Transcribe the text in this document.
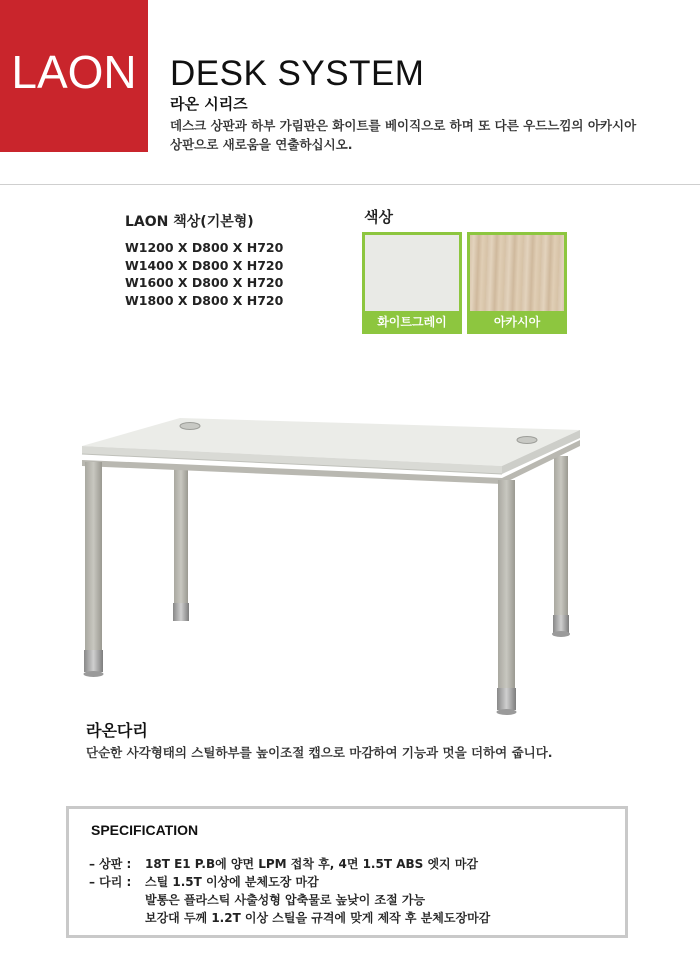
LAON DESK SYSTEM
라온 시리즈
데스크 상판과 하부 가림판은 화이트를 베이직으로 하며 또 다른 우드느낌의 아카시아
상판으로 새로움을 연출하십시오.
LAON 책상(기본형)
W1200 X D800 X H720
W1400 X D800 X H720
W1600 X D800 X H720
W1800 X D800 X H720
색상
화이트그레이	아카시아
라온다리
단순한 사각형태의 스틸하부를 높이조절 캡으로 마감하여 기능과 멋을 더하여 줍니다.
SPECIFICATION
– 상판 : 18T E1 P.B에 양면 LPM 접착 후, 4면 1.5T ABS 엣지 마감
– 다리 : 스틸 1.5T 이상에 분체도장 마감
발통은 플라스틱 사출성형 압축물로 높낮이 조절 가능
보강대 두께 1.2T 이상 스틸을 규격에 맞게 제작 후 분체도장마감
